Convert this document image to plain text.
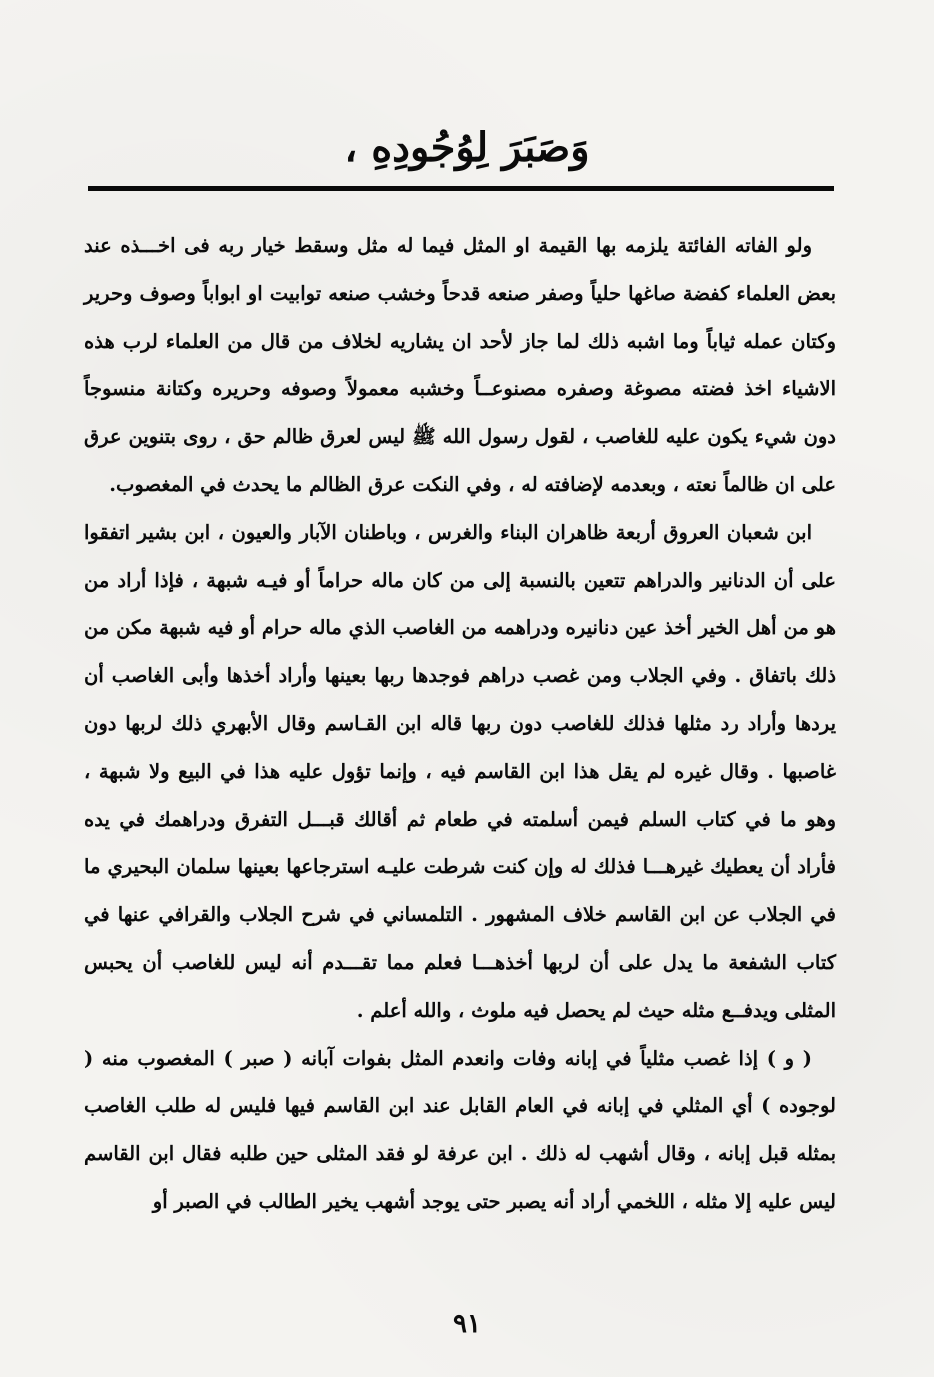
وَصَبَرَ لِوُجُودِهِ ،

ولو الفاته الفائتة يلزمه بها القيمة او المثل فيما له مثل وسقط خيار ربه فى اخـــذه عند بعض العلماء كفضة صاغها حلياً وصفر صنعه قدحاً وخشب صنعه توابيت او ابواباً وصوف وحرير وكتان عمله ثياباً وما اشبه ذلك لما جاز لأحد ان يشاريه لخلاف من قال من العلماء لرب هذه الاشياء اخذ فضته مصوغة وصفره مصنوعــاً وخشبه معمولاً وصوفه وحريره وكتانة منسوجاً دون شيء يكون عليه للغاصب ، لقول رسول الله ﷺ ليس لعرق ظالم حق ، روى بتنوين عرق على ان ظالماً نعته ، وبعدمه لإضافته له ، وفي النكت عرق الظالم ما يحدث في المغصوب.

ابن شعبان العروق أربعة ظاهران البناء والغرس ، وباطنان الآبار والعيون ، ابن بشير اتفقوا على أن الدنانير والدراهم تتعين بالنسبة إلى من كان ماله حراماً أو فيـه شبهة ، فإذا أراد من هو من أهل الخير أخذ عين دنانيره ودراهمه من الغاصب الذي ماله حرام أو فيه شبهة مكن من ذلك باتفاق . وفي الجلاب ومن غصب دراهم فوجدها ربها بعينها وأراد أخذها وأبى الغاصب أن يردها وأراد رد مثلها فذلك للغاصب دون ربها قاله ابن القـاسم وقال الأبهري ذلك لربها دون غاصبها . وقال غيره لم يقل هذا ابن القاسم فيه ، وإنما تؤول عليه هذا في البيع ولا شبهة ، وهو ما في كتاب السلم فيمن أسلمته في طعام ثم أقالك قبـــل التفرق ودراهمك في يده فأراد أن يعطيك غيرهـــا فذلك له وإن كنت شرطت عليـه استرجاعها بعينها سلمان البحيري ما في الجلاب عن ابن القاسم خلاف المشهور . التلمساني في شرح الجلاب والقرافي عنها في كتاب الشفعة ما يدل على أن لربها أخذهـــا فعلم مما تقـــدم أنه ليس للغاصب أن يحبس المثلى ويدفــع مثله حيث لم يحصل فيه ملوث ، والله أعلم .

( و ) إذا غصب مثلياً في إبانه وفات وانعدم المثل بفوات آبانه ( صبر ) المغصوب منه ( لوجوده ) أي المثلي في إبانه في العام القابل عند ابن القاسم فيها فليس له طلب الغاصب بمثله قبل إبانه ، وقال أشهب له ذلك . ابن عرفة لو فقد المثلى حين طلبه فقال ابن القاسم ليس عليه إلا مثله ، اللخمي أراد أنه يصبر حتى يوجد أشهب يخير الطالب في الصبر أو

٩١
